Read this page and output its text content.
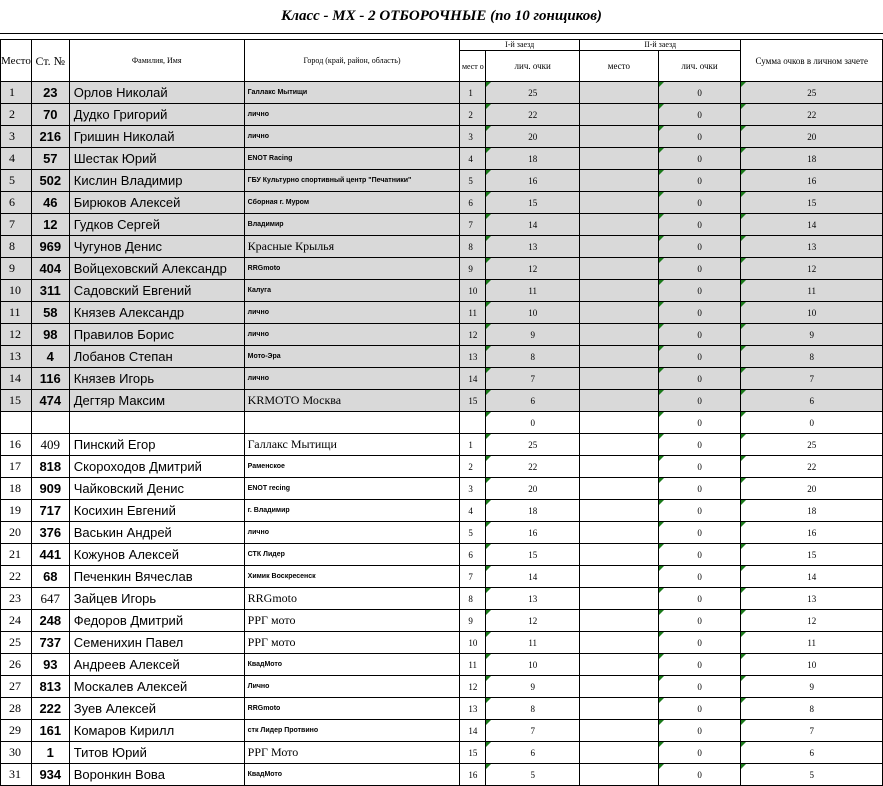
Класс - МХ - 2 ОТБОРОЧНЫЕ (по 10 гонщиков)
Место	Ст. №	Фамилия, Имя	Город (край, район, область)	I-й заезд		II-й заезд		Сумма очков в личном зачете
				мест о	лич. очки	место	лич. очки	
1	23	Орлов Николай	Галлакс Мытищи	1	25		0	25
2	70	Дудко Григорий	лично	2	22		0	22
3	216	Гришин Николай	лично	3	20		0	20
4	57	Шестак Юрий	ENOT Racing	4	18		0	18
5	502	Кислин Владимир	ГБУ Культурно спортивный центр "Печатники"	5	16		0	16
6	46	Бирюков Алексей	Сборная г. Муром	6	15		0	15
7	12	Гудков Сергей	Владимир	7	14		0	14
8	969	Чугунов Денис	Красные Крылья	8	13		0	13
9	404	Войцеховский Александр	RRGmoto	9	12		0	12
10	311	Садовский Евгений	Калуга	10	11		0	11
11	58	Князев Александр	лично	11	10		0	10
12	98	Правилов Борис	лично	12	9		0	9
13	4	Лобанов Степан	Мото-Эра	13	8		0	8
14	116	Князев Игорь	лично	14	7		0	7
15	474	Дегтяр Максим	KRMOTO Москва	15	6		0	6
					0		0	0
16	409	Пинский Егор	Галлакс Мытищи	1	25		0	25
17	818	Скороходов Дмитрий	Раменское	2	22		0	22
18	909	Чайковский Денис	ENOT recing	3	20		0	20
19	717	Косихин Евгений	г. Владимир	4	18		0	18
20	376	Васькин Андрей	лично	5	16		0	16
21	441	Кожунов Алексей	СТК Лидер	6	15		0	15
22	68	Печенкин Вячеслав	Химик Воскресенск	7	14		0	14
23	647	Зайцев Игорь	RRGmoto	8	13		0	13
24	248	Федоров Дмитрий	РРГ мото	9	12		0	12
25	737	Семенихин Павел	РРГ мото	10	11		0	11
26	93	Андреев Алексей	КвадМото	11	10		0	10
27	813	Москалев Алексей	Лично	12	9		0	9
28	222	Зуев Алексей	RRGmoto	13	8		0	8
29	161	Комаров Кирилл	стк Лидер Протвино	14	7		0	7
30	1	Титов Юрий	РРГ Мото	15	6		0	6
31	934	Воронкин Вова	КвадМото	16	5		0	5
